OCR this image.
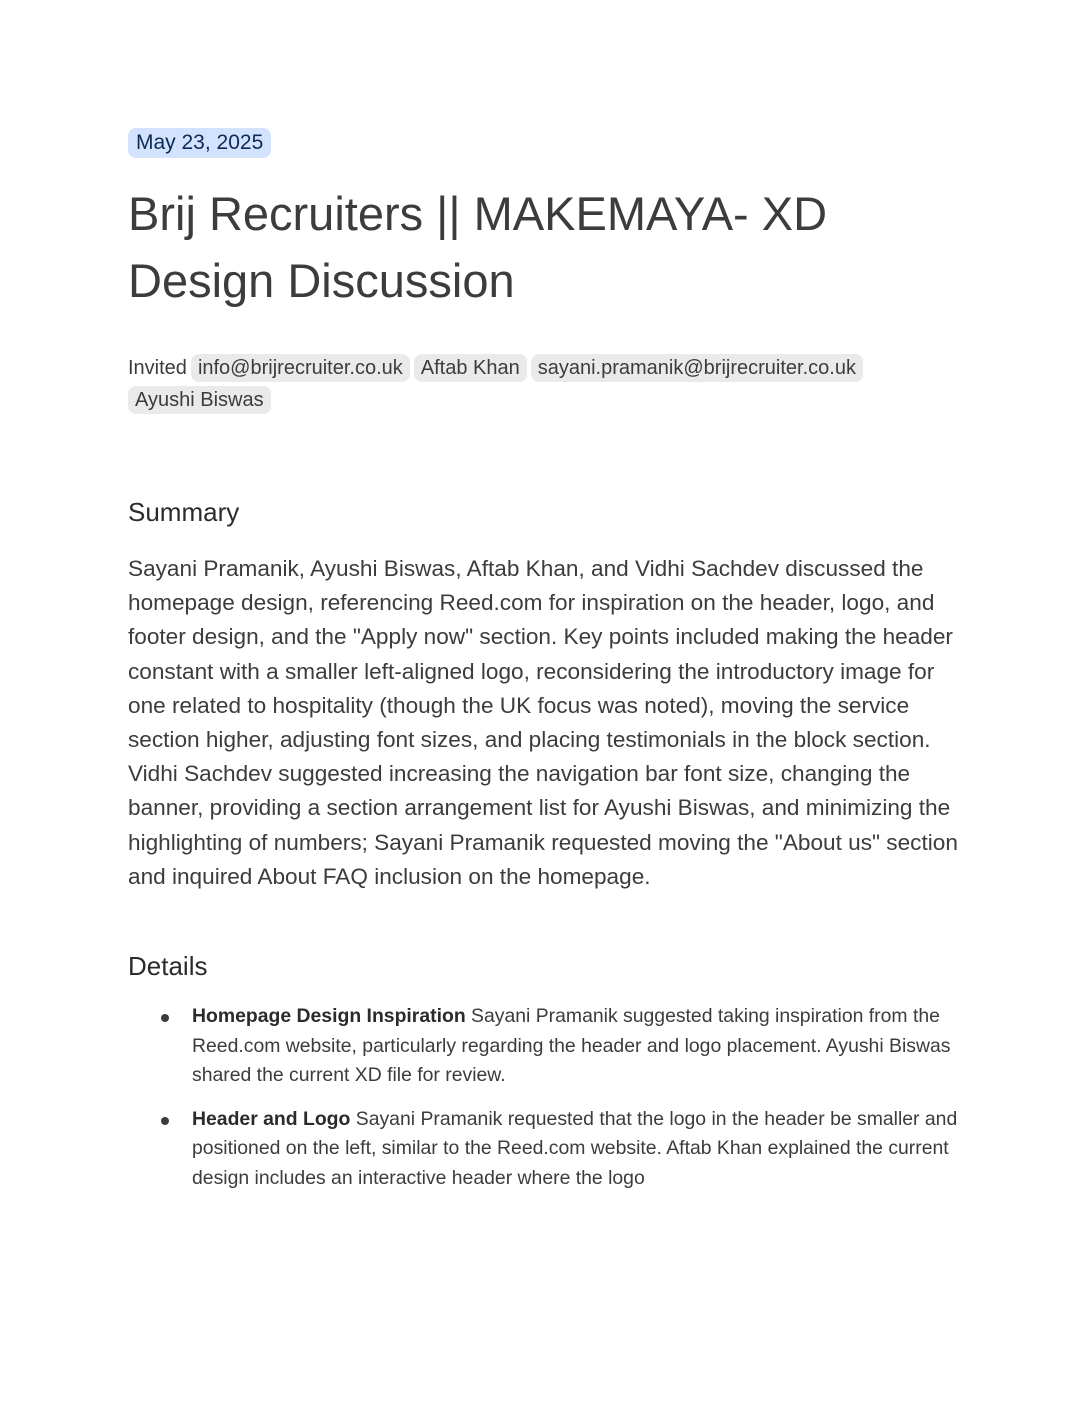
May 23, 2025
Brij Recruiters || MAKEMAYA- XD Design Discussion
Invited info@brijrecruiter.co.uk Aftab Khan sayani.pramanik@brijrecruiter.co.uk
Ayushi Biswas
Summary

Sayani Pramanik, Ayushi Biswas, Aftab Khan, and Vidhi Sachdev discussed the homepage design, referencing Reed.com for inspiration on the header, logo, and footer design, and the "Apply now" section. Key points included making the header constant with a smaller left-aligned logo, reconsidering the introductory image for one related to hospitality (though the UK focus was noted), moving the service section higher, adjusting font sizes, and placing testimonials in the block section. Vidhi Sachdev suggested increasing the navigation bar font size, changing the banner, providing a section arrangement list for Ayushi Biswas, and minimizing the highlighting of numbers; Sayani Pramanik requested moving the "About us" section and inquired About FAQ inclusion on the homepage.

Details
Homepage Design Inspiration Sayani Pramanik suggested taking inspiration from the Reed.com website, particularly regarding the header and logo placement. Ayushi Biswas shared the current XD file for review.
Header and Logo Sayani Pramanik requested that the logo in the header be smaller and positioned on the left, similar to the Reed.com website. Aftab Khan explained the current design includes an interactive header where the logo
